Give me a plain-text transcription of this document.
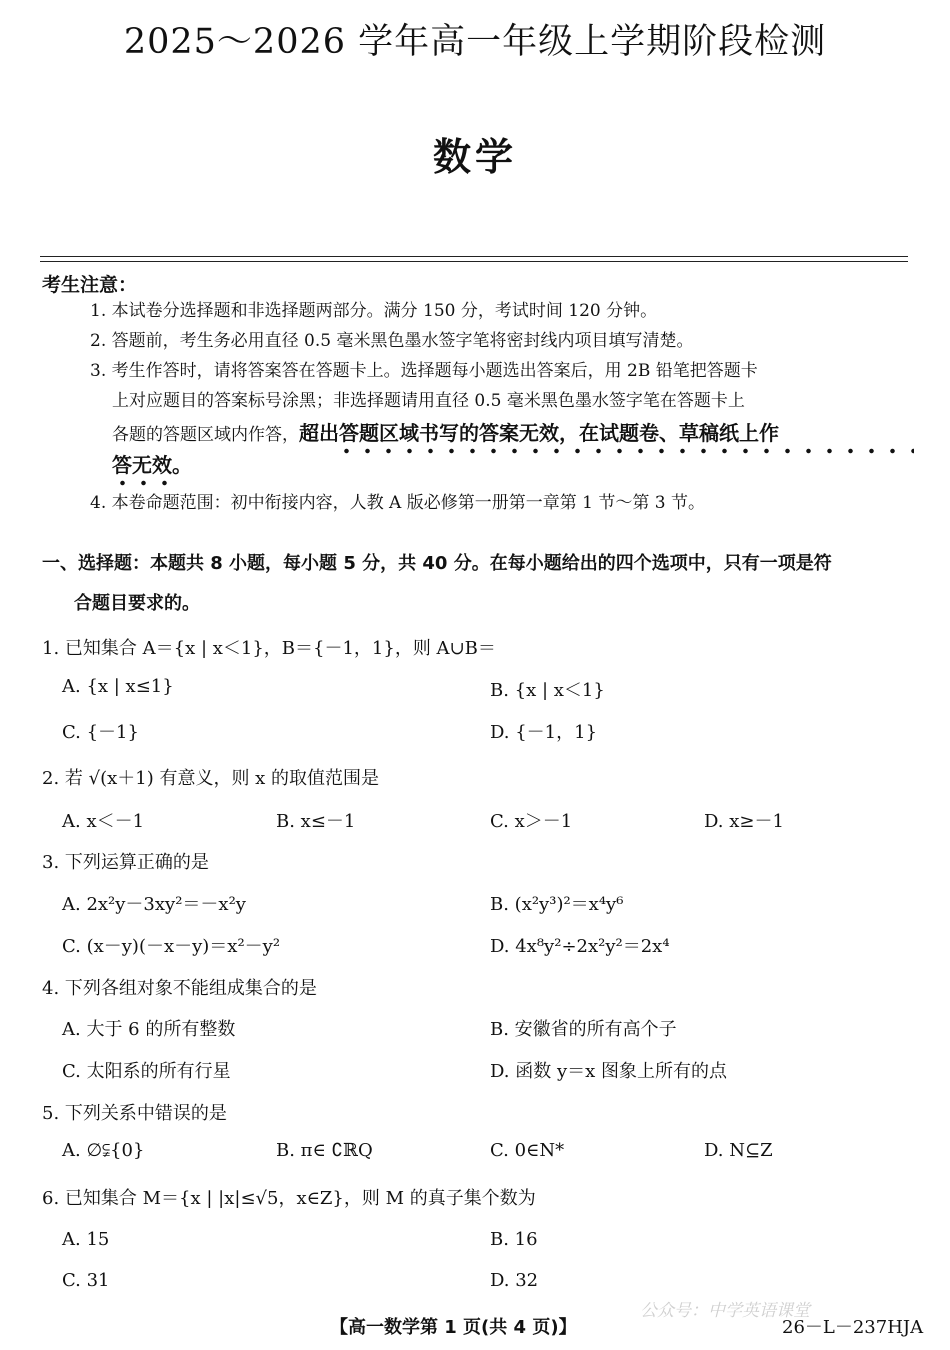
2025～2026 学年高一年级上学期阶段检测
数学
考生注意：
1. 本试卷分选择题和非选择题两部分。满分 150 分，考试时间 120 分钟。
2. 答题前，考生务必用直径 0.5 毫米黑色墨水签字笔将密封线内项目填写清楚。
3. 考生作答时，请将答案答在答题卡上。选择题每小题选出答案后，用 2B 铅笔把答题卡
上对应题目的答案标号涂黑；非选择题请用直径 0.5 毫米黑色墨水签字笔在答题卡上
各题的答题区域内作答，超出答题区域书写的答案无效，在试题卷、草稿纸上作
答无效。
4. 本卷命题范围：初中衔接内容，人教 A 版必修第一册第一章第 1 节～第 3 节。
一、选择题：本题共 8 小题，每小题 5 分，共 40 分。在每小题给出的四个选项中，只有一项是符
合题目要求的。
1. 已知集合 A＝{x | x＜1}，B＝{－1，1}，则 A∪B＝
A. {x | x≤1}	B. {x | x＜1}
C. {－1}	D. {－1，1}
2. 若 √(x＋1) 有意义，则 x 的取值范围是
A. x＜－1	B. x≤－1	C. x＞－1	D. x≥－1
3. 下列运算正确的是
A. 2x²y－3xy²＝－x²y	B. (x²y³)²＝x⁴y⁶
C. (x－y)(－x－y)＝x²－y²	D. 4x⁸y²÷2x²y²＝2x⁴
4. 下列各组对象不能组成集合的是
A. 大于 6 的所有整数	B. 安徽省的所有高个子
C. 太阳系的所有行星	D. 函数 y＝x 图象上所有的点
5. 下列关系中错误的是
A. ∅⫋{0}	B. π∈ ∁ℝQ	C. 0∈N*	D. N⊆Z
6. 已知集合 M＝{x | |x|≤√5，x∈Z}，则 M 的真子集个数为
A. 15	B. 16
C. 31	D. 32
公众号：中学英语课堂
【高一数学第 1 页(共 4 页)】	26－L－237HJA
